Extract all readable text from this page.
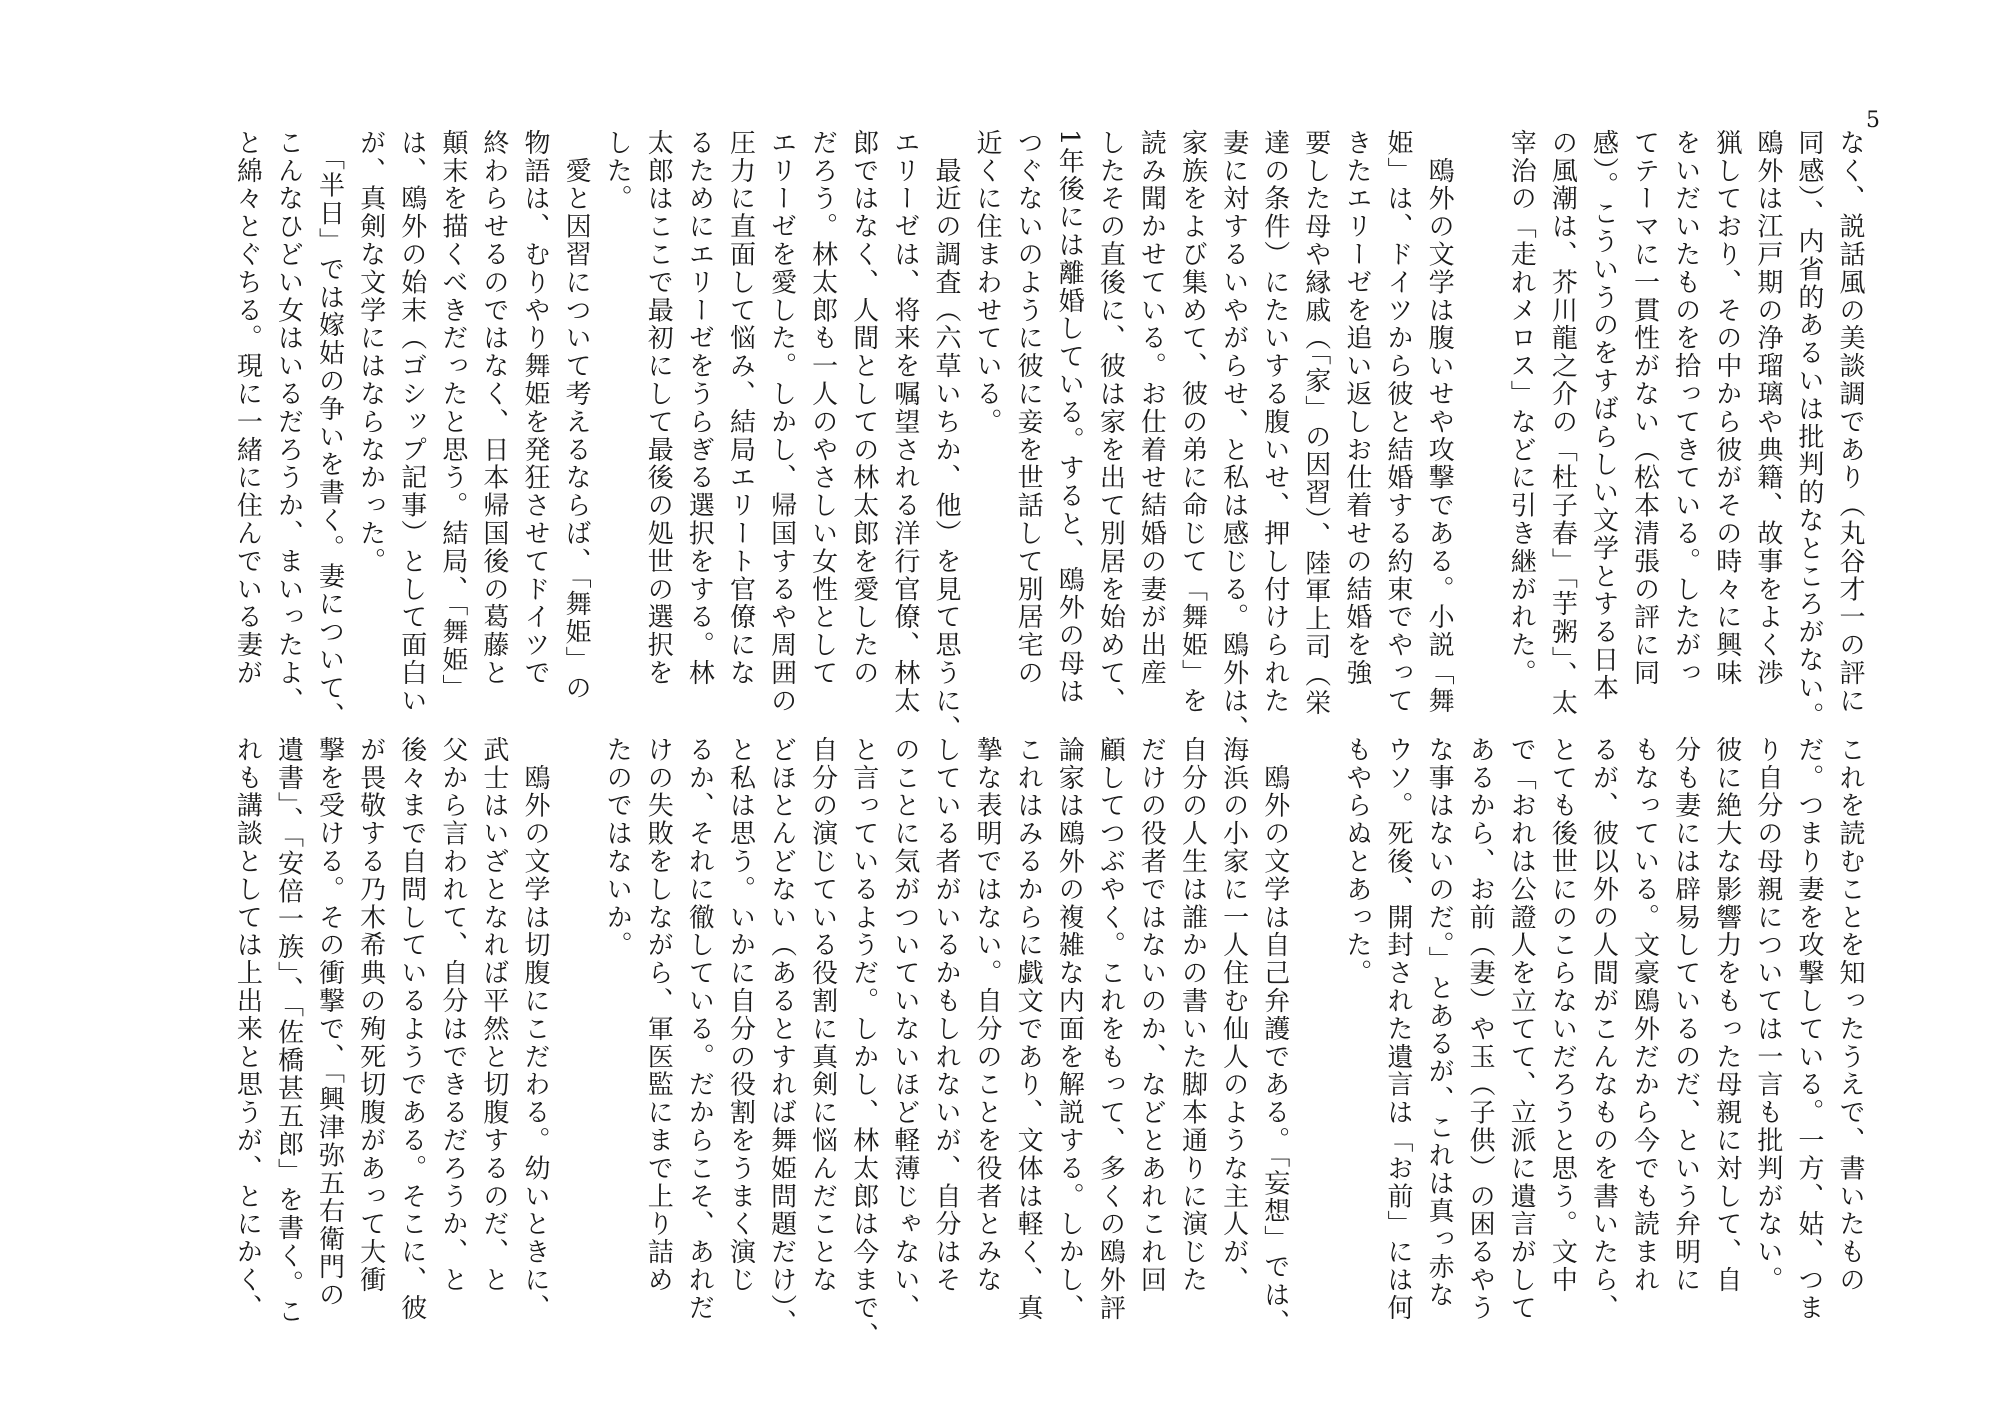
5
なく、説話風の美談調であり（丸谷才一の評に
同感）、内省的あるいは批判的なところがない。
鴎外は江戸期の浄瑠璃や典籍、故事をよく渉
猟しており、その中から彼がその時々に興味
をいだいたものを拾ってきている。したがっ
てテーマに一貫性がない（松本清張の評に同
感）。こういうのをすばらしい文学とする日本
の風潮は、芥川龍之介の「杜子春」「芋粥」、太
宰治の「走れメロス」などに引き継がれた。

　鴎外の文学は腹いせや攻撃である。小説「舞
姫」は、ドイツから彼と結婚する約束でやって
きたエリーゼを追い返しお仕着せの結婚を強
要した母や縁戚（「家」の因習）、陸軍上司（栄
達の条件）にたいする腹いせ、押し付けられた
妻に対するいやがらせ、と私は感じる。鴎外は、
家族をよび集めて、彼の弟に命じて「舞姫」を
読み聞かせている。お仕着せ結婚の妻が出産
したその直後に、彼は家を出て別居を始めて、
1年後には離婚している。すると、鴎外の母は
つぐないのように彼に妾を世話して別居宅の
近くに住まわせている。
　最近の調査（六草いちか、他）を見て思うに、
エリーゼは、将来を嘱望される洋行官僚、林太
郎ではなく、人間としての林太郎を愛したの
だろう。林太郎も一人のやさしい女性として
エリーゼを愛した。しかし、帰国するや周囲の
圧力に直面して悩み、結局エリート官僚にな
るためにエリーゼをうらぎる選択をする。林
太郎はここで最初にして最後の処世の選択を
した。
　愛と因習について考えるならば、「舞姫」の
物語は、むりやり舞姫を発狂させてドイツで
終わらせるのではなく、日本帰国後の葛藤と
顛末を描くべきだったと思う。結局、「舞姫」
は、鴎外の始末（ゴシップ記事）として面白い
が、真剣な文学にはならなかった。
　「半日」では嫁姑の争いを書く。妻について、
こんなひどい女はいるだろうか、まいったよ、
と綿々とぐちる。現に一緒に住んでいる妻が
これを読むことを知ったうえで、書いたもの
だ。つまり妻を攻撃している。一方、姑、つま
り自分の母親については一言も批判がない。
彼に絶大な影響力をもった母親に対して、自
分も妻には辟易しているのだ、という弁明に
もなっている。文豪鴎外だから今でも読まれ
るが、彼以外の人間がこんなものを書いたら、
とても後世にのこらないだろうと思う。文中
で「おれは公證人を立てて、立派に遺言がして
あるから、お前（妻）や玉（子供）の困るやう
な事はないのだ。」とあるが、これは真っ赤な
ウソ。死後、開封された遺言は「お前」には何
もやらぬとあった。

　鴎外の文学は自己弁護である。「妄想」では、
海浜の小家に一人住む仙人のような主人が、
自分の人生は誰かの書いた脚本通りに演じた
だけの役者ではないのか、などとあれこれ回
顧してつぶやく。これをもって、多くの鴎外評
論家は鴎外の複雑な内面を解説する。しかし、
これはみるからに戯文であり、文体は軽く、真
摯な表明ではない。自分のことを役者とみな
している者がいるかもしれないが、自分はそ
のことに気がついていないほど軽薄じゃない、
と言っているようだ。しかし、林太郎は今まで、
自分の演じている役割に真剣に悩んだことな
どほとんどない（あるとすれば舞姫問題だけ）、
と私は思う。いかに自分の役割をうまく演じ
るか、それに徹している。だからこそ、あれだ
けの失敗をしながら、軍医監にまで上り詰め
たのではないか。

　鴎外の文学は切腹にこだわる。幼いときに、
武士はいざとなれば平然と切腹するのだ、と
父から言われて、自分はできるだろうか、と
後々まで自問しているようである。そこに、彼
が畏敬する乃木希典の殉死切腹があって大衝
撃を受ける。その衝撃で、「興津弥五右衛門の
遺書」、「安倍一族」、「佐橋甚五郎」を書く。こ
れも講談としては上出来と思うが、とにかく、
